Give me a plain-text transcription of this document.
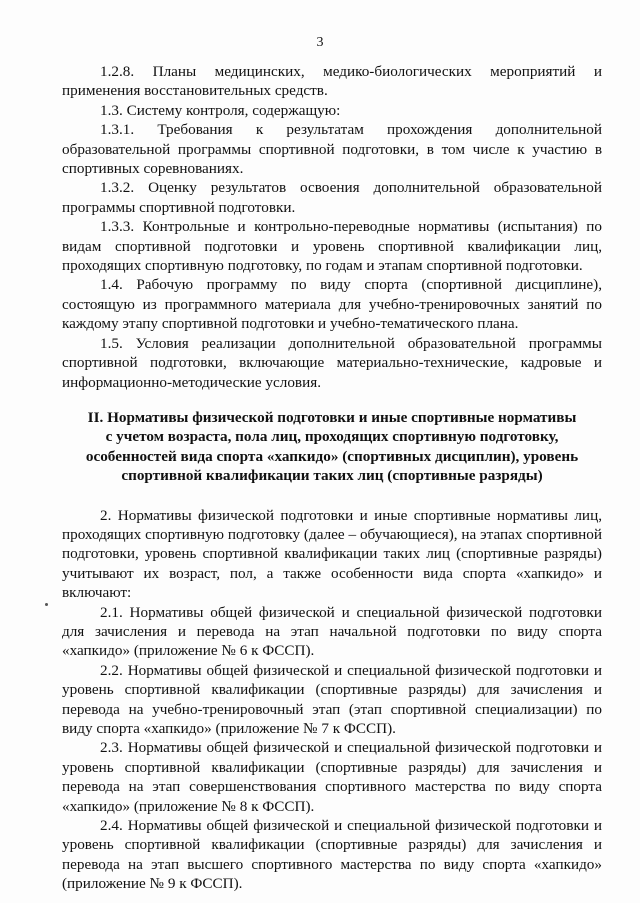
3

1.2.8. Планы медицинских, медико-биологических мероприятий и применения восстановительных средств.

1.3. Систему контроля, содержащую:

1.3.1. Требования к результатам прохождения дополнительной образовательной программы спортивной подготовки, в том числе к участию в спортивных соревнованиях.

1.3.2. Оценку результатов освоения дополнительной образовательной программы спортивной подготовки.

1.3.3. Контрольные и контрольно-переводные нормативы (испытания) по видам спортивной подготовки и уровень спортивной квалификации лиц, проходящих спортивную подготовку, по годам и этапам спортивной подготовки.

1.4. Рабочую программу по виду спорта (спортивной дисциплине), состоящую из программного материала для учебно-тренировочных занятий по каждому этапу спортивной подготовки и учебно-тематического плана.

1.5. Условия реализации дополнительной образовательной программы спортивной подготовки, включающие материально-технические, кадровые и информационно-методические условия.

II. Нормативы физической подготовки и иные спортивные нормативы
с учетом возраста, пола лиц, проходящих спортивную подготовку,
особенностей вида спорта «хапкидо» (спортивных дисциплин), уровень
спортивной квалификации таких лиц (спортивные разряды)

2. Нормативы физической подготовки и иные спортивные нормативы лиц, проходящих спортивную подготовку (далее – обучающиеся), на этапах спортивной подготовки, уровень спортивной квалификации таких лиц (спортивные разряды) учитывают их возраст, пол, а также особенности вида спорта «хапкидо» и включают:

2.1. Нормативы общей физической и специальной физической подготовки для зачисления и перевода на этап начальной подготовки по виду спорта «хапкидо» (приложение № 6 к ФССП).

2.2. Нормативы общей физической и специальной физической подготовки и уровень спортивной квалификации (спортивные разряды) для зачисления и перевода на учебно-тренировочный этап (этап спортивной специализации) по виду спорта «хапкидо» (приложение № 7 к ФССП).

2.3. Нормативы общей физической и специальной физической подготовки и уровень спортивной квалификации (спортивные разряды) для зачисления и перевода на этап совершенствования спортивного мастерства по виду спорта «хапкидо» (приложение № 8 к ФССП).

2.4. Нормативы общей физической и специальной физической подготовки и уровень спортивной квалификации (спортивные разряды) для зачисления и перевода на этап высшего спортивного мастерства по виду спорта «хапкидо» (приложение № 9 к ФССП).
